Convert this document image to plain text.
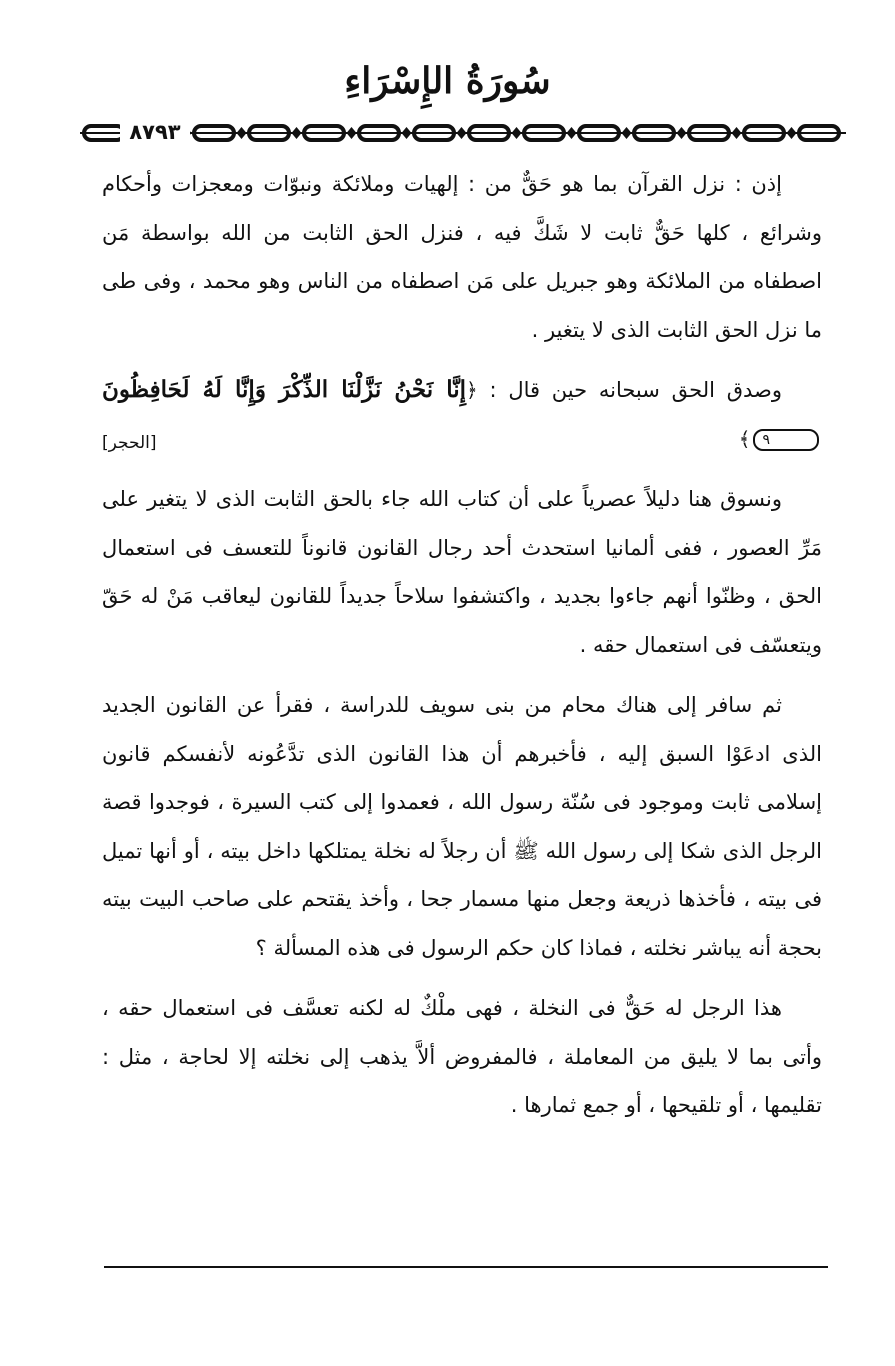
سُورَةُ الإِسْرَاءِ
٨٧٩٣

إذن : نزل القرآن بما هو حَقٌّ من : إلهيات وملائكة ونبوّات ومعجزات وأحكام وشرائع ، كلها حَقٌّ ثابت لا شَكَّ فيه ، فنزل الحق الثابت من الله بواسطة مَن اصطفاه من الملائكة وهو جبريل على مَن اصطفاه من الناس وهو محمد ، وفى طى ما نزل الحق الثابت الذى لا يتغير .

وصدق الحق سبحانه حين قال : ﴿إِنَّا نَحْنُ نَزَّلْنَا الذِّكْرَ وَإِنَّا لَهُ لَحَافِظُونَ ٩﴾
[الحجر]

ونسوق هنا دليلاً عصرياً على أن كتاب الله جاء بالحق الثابت الذى لا يتغير على مَرِّ العصور ، ففى ألمانيا استحدث أحد رجال القانون قانوناً للتعسف فى استعمال الحق ، وظنّوا أنهم جاءوا بجديد ، واكتشفوا سلاحاً جديداً للقانون ليعاقب مَنْ له حَقّ ويتعسّف فى استعمال حقه .

ثم سافر إلى هناك محام من بنى سويف للدراسة ، فقرأ عن القانون الجديد الذى ادعَوْا السبق إليه ، فأخبرهم أن هذا القانون الذى تدَّعُونه لأنفسكم قانون إسلامى ثابت وموجود فى سُنّة رسول الله ، فعمدوا إلى كتب السيرة ، فوجدوا قصة الرجل الذى شكا إلى رسول الله ﷺ أن رجلاً له نخلة يمتلكها داخل بيته ، أو أنها تميل فى بيته ، فأخذها ذريعة وجعل منها مسمار جحا ، وأخذ يقتحم على صاحب البيت بيته بحجة أنه يباشر نخلته ، فماذا كان حكم الرسول فى هذه المسألة ؟

هذا الرجل له حَقٌّ فى النخلة ، فهى ملْكٌ له لكنه تعسَّف فى استعمال حقه ، وأتى بما لا يليق من المعاملة ، فالمفروض ألاَّ يذهب إلى نخلته إلا لحاجة ، مثل : تقليمها ، أو تلقيحها ، أو جمع ثمارها .
